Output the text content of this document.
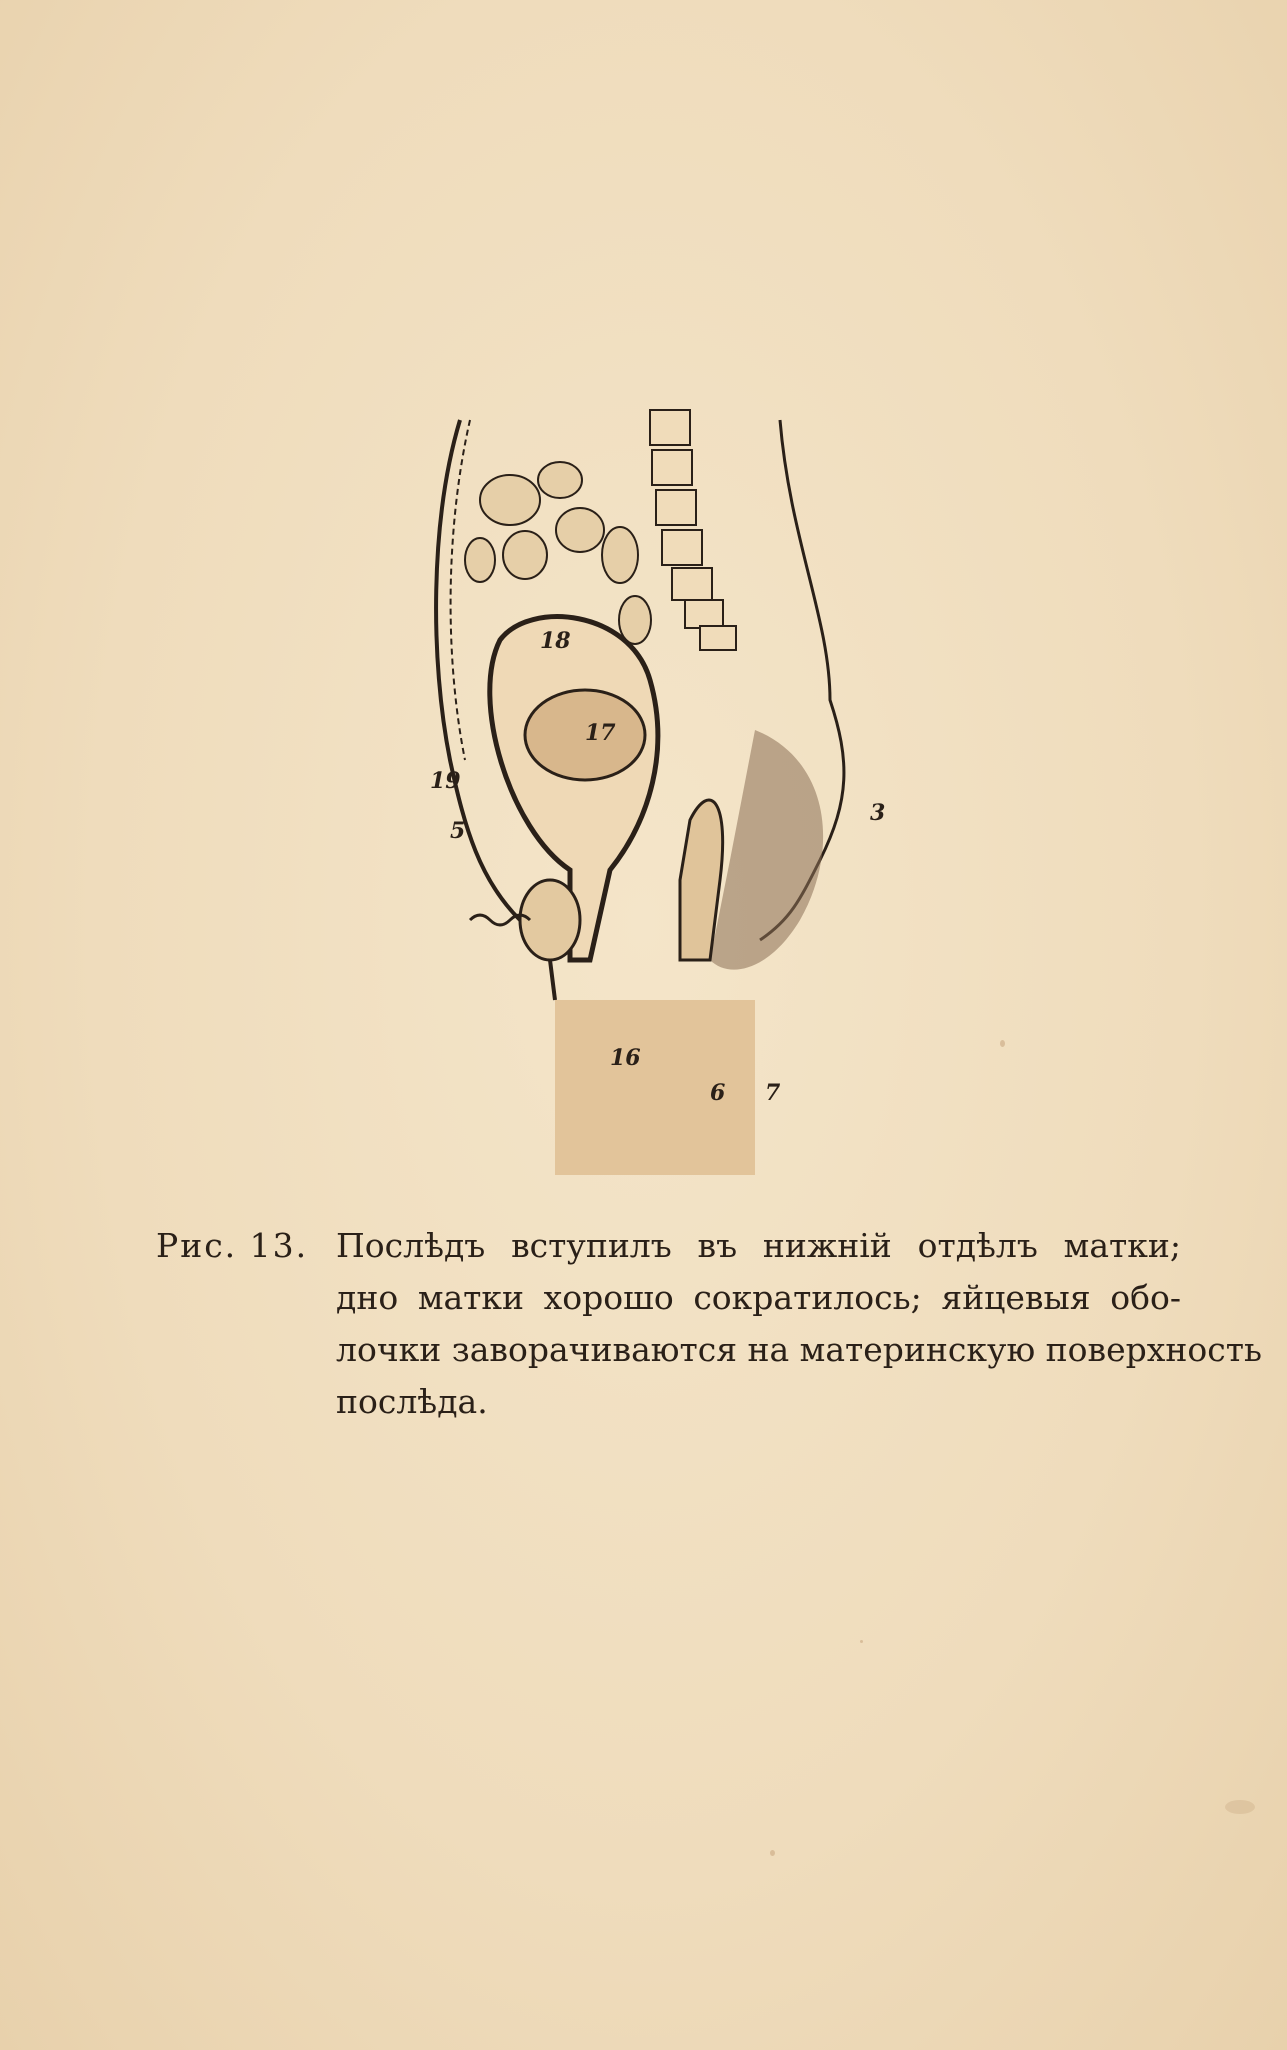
18
17
19
5
3
16
6 7
Рис. 13. Послѣдъ вступилъ въ нижнiй отдѣлъ матки;
дно матки хорошо сократилось; яйцевыя обо-
лочки заворачиваются на материнскую поверхность
послѣда.
